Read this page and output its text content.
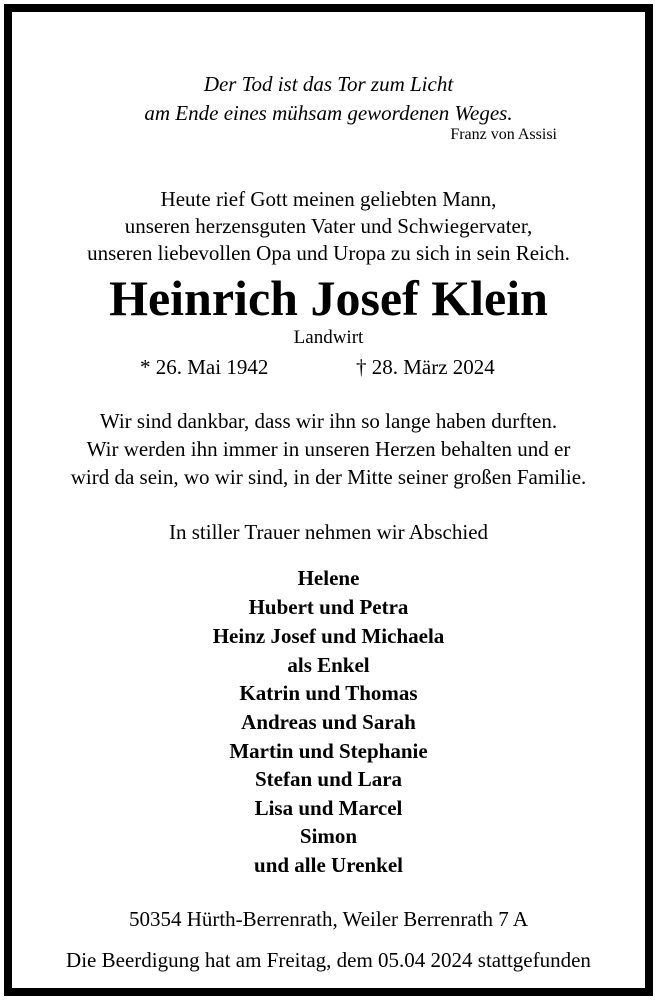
Der Tod ist das Tor zum Licht
am Ende eines mühsam gewordenen Weges.
Franz von Assisi
Heute rief Gott meinen geliebten Mann,
unseren herzensguten Vater und Schwiegervater,
unseren liebevollen Opa und Uropa zu sich in sein Reich.
Heinrich Josef Klein
Landwirt
* 26. Mai 1942	† 28. März 2024
Wir sind dankbar, dass wir ihn so lange haben durften.
Wir werden ihn immer in unseren Herzen behalten und er
wird da sein, wo wir sind, in der Mitte seiner großen Familie.
In stiller Trauer nehmen wir Abschied
Helene
Hubert und Petra
Heinz Josef und Michaela
als Enkel
Katrin und Thomas
Andreas und Sarah
Martin und Stephanie
Stefan und Lara
Lisa und Marcel
Simon
und alle Urenkel
50354 Hürth-Berrenrath, Weiler Berrenrath 7 A
Die Beerdigung hat am Freitag, dem 05.04 2024 stattgefunden
